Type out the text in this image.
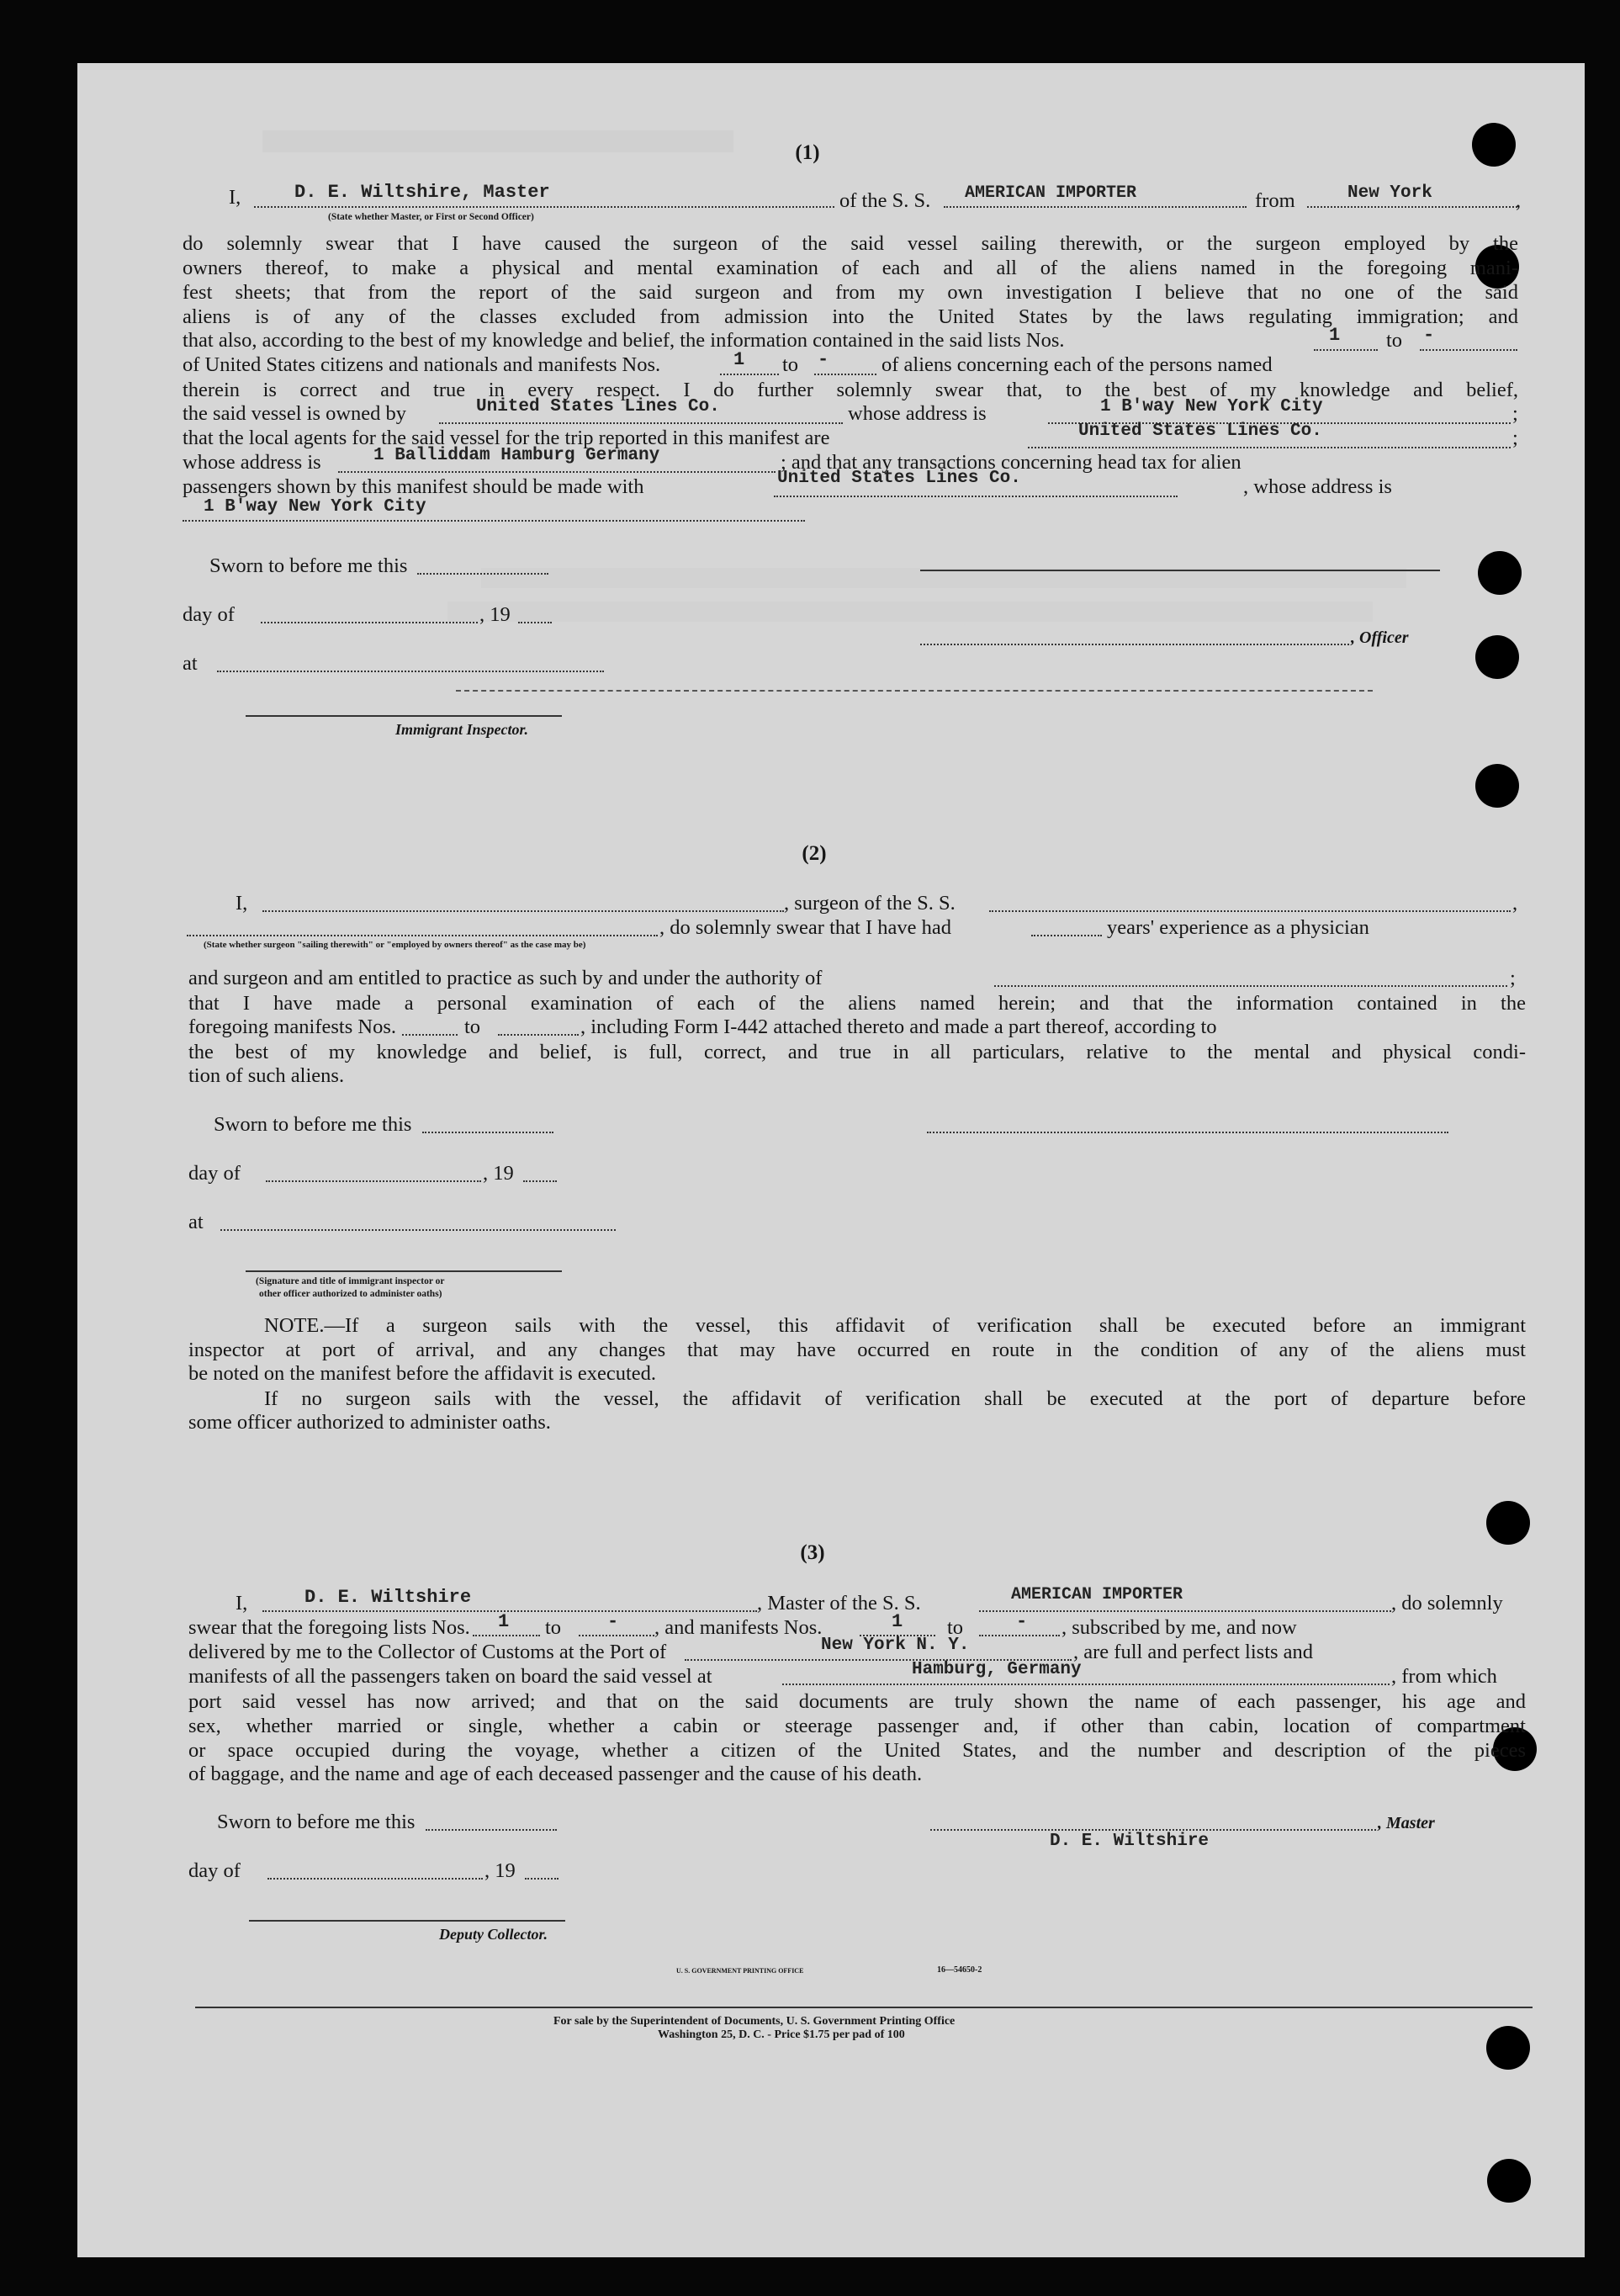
(1)
I,	D. E. Wiltshire, Master	of the S. S. AMERICAN IMPORTER	from	New York	,
(State whether Master, or First or Second Officer)
do solemnly swear that I have caused the surgeon of the said vessel sailing therewith, or the surgeon employed by the
owners thereof, to make a physical and mental examination of each and all of the aliens named in the foregoing mani-
fest sheets; that from the report of the said surgeon and from my own investigation I believe that no one of the said
aliens is of any of the classes excluded from admission into the United States by the laws regulating immigration; and
that also, according to the best of my knowledge and belief, the information contained in the said lists Nos.	1 to -
of United States citizens and nationals and manifests Nos.	1 to -	of aliens concerning each of the persons named
therein is correct and true in every respect. I do further solemnly swear that, to the best of my knowledge and belief,
the said vessel is owned by	United States Lines Co.	whose address is	1 B'way New York City	;
that the local agents for the said vessel for the trip reported in this manifest are	United States Lines Co.	;
whose address is	1 Balliddam Hamburg Germany	; and that any transactions concerning head tax for alien
passengers shown by this manifest should be made with	United States Lines Co.	, whose address is
1 B'way New York City
Sworn to before me this
day of	, 19
, Officer
at
Immigrant Inspector.
(2)
I,	, surgeon of the S. S.	,
, do solemnly swear that I have had	years' experience as a physician
(State whether surgeon "sailing therewith" or "employed by owners thereof" as the case may be)
and surgeon and am entitled to practice as such by and under the authority of	;
that I have made a personal examination of each of the aliens named herein; and that the information contained in the
foregoing manifests Nos.	to	, including Form I-442 attached thereto and made a part thereof, according to
the best of my knowledge and belief, is full, correct, and true in all particulars, relative to the mental and physical condi-
tion of such aliens.
Sworn to before me this
day of	, 19
at
(Signature and title of immigrant inspector or
other officer authorized to administer oaths)
NOTE.—If a surgeon sails with the vessel, this affidavit of verification shall be executed before an immigrant
inspector at port of arrival, and any changes that may have occurred en route in the condition of any of the aliens must
be noted on the manifest before the affidavit is executed.
If no surgeon sails with the vessel, the affidavit of verification shall be executed at the port of departure before
some officer authorized to administer oaths.
(3)
I,	D. E. Wiltshire	, Master of the S. S.	AMERICAN IMPORTER	, do solemnly
swear that the foregoing lists Nos. 1 to - , and manifests Nos.	1 to	- , subscribed by me, and now
delivered by me to the Collector of Customs at the Port of	New York N. Y.	, are full and perfect lists and
manifests of all the passengers taken on board the said vessel at	Hamburg, Germany	, from which
port said vessel has now arrived; and that on the said documents are truly shown the name of each passenger, his age and
sex, whether married or single, whether a cabin or steerage passenger and, if other than cabin, location of compartment
or space occupied during the voyage, whether a citizen of the United States, and the number and description of the pieces
of baggage, and the name and age of each deceased passenger and the cause of his death.
Sworn to before me this	, Master
D. E. Wiltshire
day of	, 19
Deputy Collector.
U. S. GOVERNMENT PRINTING OFFICE	16—54650-2
For sale by the Superintendent of Documents, U. S. Government Printing Office
Washington 25, D. C. - Price $1.75 per pad of 100
